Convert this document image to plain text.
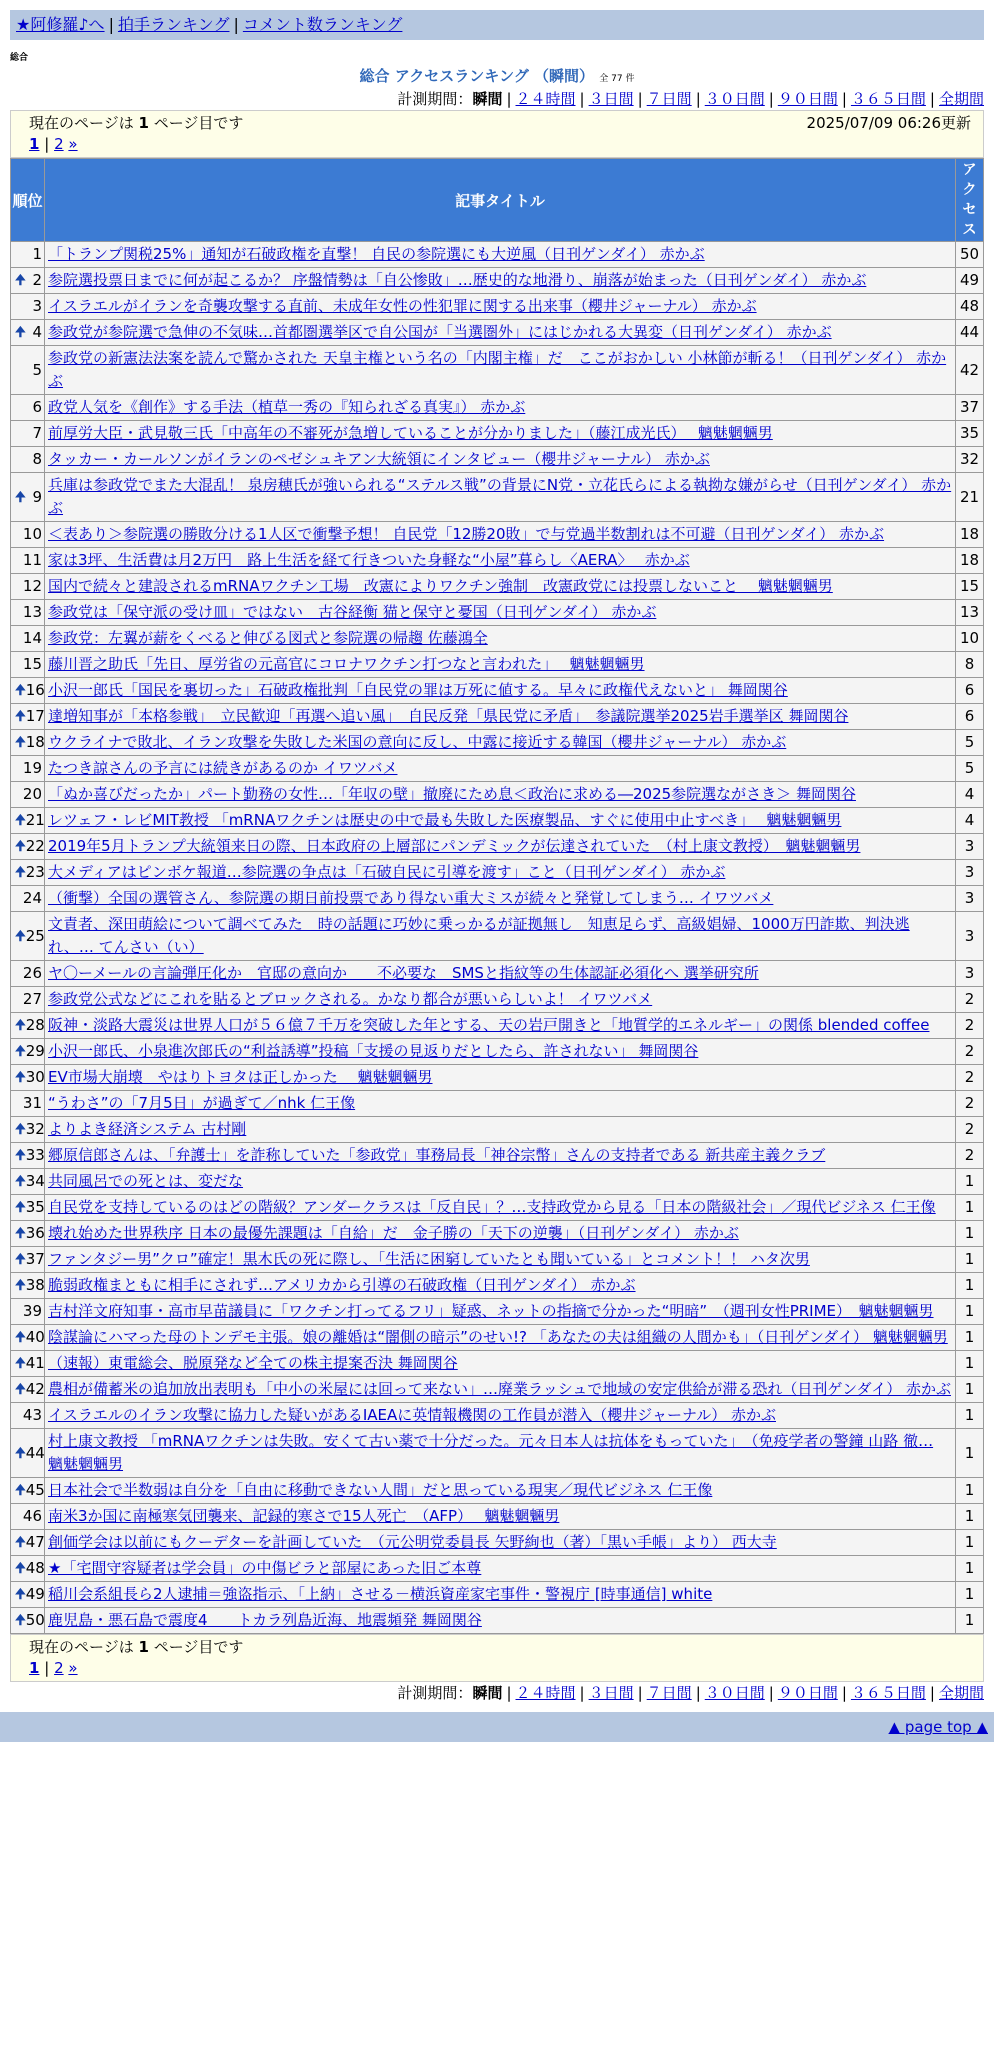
★阿修羅♪へ | 拍手ランキング | コメント数ランキング
総合
総合 アクセスランキング （瞬間） 全 77 件
計測期間：瞬間 | ２４時間 | ３日間 | ７日間 | ３０日間 | ９０日間 | ３６５日間 | 全期間
現在のページは 1 ページ目です	2025/07/09 06:26更新
1 | 2 »
順位	記事タイトル	アクセス
1	「トランプ関税25%」通知が石破政権を直撃！ 自民の参院選にも大逆風（日刊ゲンダイ） 赤かぶ	50

🠉 2	参院選投票日までに何が起こるか？ 序盤情勢は「自公惨敗」…歴史的な地滑り、崩落が始まった（日刊ゲンダイ） 赤かぶ	49
3	イスラエルがイランを奇襲攻撃する直前、未成年女性の性犯罪に関する出来事（櫻井ジャーナル） 赤かぶ	48

🠉 4	参政党が参院選で急伸の不気味…首都圏選挙区で自公国が「当選圏外」にはじかれる大異変（日刊ゲンダイ） 赤かぶ	44
5	参政党の新憲法法案を読んで驚かされた 天皇主権という名の「内閣主権」だ　ここがおかしい 小林節が斬る！（日刊ゲンダイ） 赤かぶ	42
6	政党人気を《創作》する手法（植草一秀の『知られざる真実』） 赤かぶ	37
7	前厚労大臣・武見敬三氏「中高年の不審死が急増していることが分かりました」（藤江成光氏）　 魑魅魍魎男	35
8	タッカー・カールソンがイランのペゼシュキアン大統領にインタビュー（櫻井ジャーナル） 赤かぶ	32

🠉 9	兵庫は参政党でまた大混乱！ 泉房穂氏が強いられる“ステルス戦”の背景にN党・立花氏らによる執拗な嫌がらせ（日刊ゲンダイ） 赤かぶ	21
10	＜表あり＞参院選の勝敗分ける1人区で衝撃予想！ 自民党「12勝20敗」で与党過半数割れは不可避（日刊ゲンダイ） 赤かぶ	18
11	家は3坪、生活費は月2万円　路上生活を経て行きついた身軽な“小屋”暮らし〈AERA〉　 赤かぶ	18
12	国内で続々と建設されるmRNAワクチン工場　改憲によりワクチン強制　改憲政党には投票しないこと　 魑魅魍魎男	15
13	参政党は「保守派の受け皿」ではない　古谷経衡 猫と保守と憂国（日刊ゲンダイ） 赤かぶ	13
14	参政党：左翼が薪をくべると伸びる図式と参院選の帰趨 佐藤鴻全	10
15	藤川晋之助氏「先日、厚労省の元高官にコロナワクチン打つなと言われた」　 魑魅魍魎男	8

🠉 16	小沢一郎氏「国民を裏切った」石破政権批判「自民党の罪は万死に値する。早々に政権代えないと」 舞岡関谷	6

🠉 17	達増知事が「本格参戦」　立民歓迎「再選へ追い風」　自民反発「県民党に矛盾」　参議院選挙2025岩手選挙区 舞岡関谷	6

🠉 18	ウクライナで敗北、イラン攻撃を失敗した米国の意向に反し、中露に接近する韓国（櫻井ジャーナル） 赤かぶ	5
19	たつき諒さんの予言には続きがあるのか イワツバメ	5
20	「ぬか喜びだったか」パート勤務の女性…「年収の壁」撤廃にため息＜政治に求める―2025参院選ながさき＞ 舞岡関谷	4

🠉 21	レツェフ・レビMIT教授 「mRNAワクチンは歴史の中で最も失敗した医療製品、すぐに使用中止すべき」　 魑魅魍魎男	4

🠉 22	2019年5月トランプ大統領来日の際、日本政府の上層部にパンデミックが伝達されていた　（村上康文教授）　魑魅魍魎男	3

🠉 23	大メディアはピンボケ報道…参院選の争点は「石破自民に引導を渡す」こと（日刊ゲンダイ） 赤かぶ	3
24	（衝撃）全国の選管さん、参院選の期日前投票であり得ない重大ミスが続々と発覚してしまう… イワツバメ	3

🠉 25	文責者、深田萌絵について調べてみた　時の話題に巧妙に乗っかるが証拠無し　知恵足らず、高級娼婦、1000万円詐欺、判決逃れ、… てんさい（い）	3
26	ヤ〇ーメールの言論弾圧化か　官邸の意向か　　不必要な　SMSと指紋等の生体認証必須化へ 選挙研究所	3
27	参政党公式などにこれを貼るとブロックされる。かなり都合が悪いらしいよ！ イワツバメ	2

🠉 28	阪神・淡路大震災は世界人口が５６億７千万を突破した年とする、天の岩戸開きと「地質学的エネルギー」の関係 blended coffee	2

🠉 29	小沢一郎氏、小泉進次郎氏の“利益誘導”投稿「支援の見返りだとしたら、許されない」 舞岡関谷	2

🠉 30	EV市場大崩壊　やはりトヨタは正しかった　 魑魅魍魎男	2
31	“うわさ”の「7月5日」が過ぎて／nhk 仁王像	2

🠉 32	よりよき経済システム 古村剛	2

🠉 33	郷原信郎さんは、「弁護士」を詐称していた「参政党」事務局長「神谷宗幣」さんの支持者である 新共産主義クラブ	2

🠉 34	共同風呂での死とは、変だな	1

🠉 35	自民党を支持しているのはどの階級？アンダークラスは「反自民」？…支持政党から見る「日本の階級社会」／現代ビジネス 仁王像	1

🠉 36	壊れ始めた世界秩序 日本の最優先課題は「自給」だ　金子勝の「天下の逆襲」（日刊ゲンダイ） 赤かぶ	1

🠉 37	ファンタジー男”クロ”確定！黒木氏の死に際し、「生活に困窮していたとも聞いている」とコメント！！ ハタ次男	1

🠉 38	脆弱政権まともに相手にされず…アメリカから引導の石破政権（日刊ゲンダイ） 赤かぶ	1
39	吉村洋文府知事・高市早苗議員に「ワクチン打ってるフリ」疑惑、ネットの指摘で分かった“明暗”　（週刊女性PRIME）　魑魅魍魎男	1

🠉 40	陰謀論にハマった母のトンデモ主張。娘の離婚は“闇側の暗示”のせい!? 「あなたの夫は組織の人間かも」（日刊ゲンダイ） 魑魅魍魎男	1

🠉 41	（速報）東電総会、脱原発など全ての株主提案否決 舞岡関谷	1

🠉 42	農相が備蓄米の追加放出表明も「中小の米屋には回って来ない」…廃業ラッシュで地域の安定供給が滞る恐れ（日刊ゲンダイ） 赤かぶ	1
43	イスラエルのイラン攻撃に協力した疑いがあるIAEAに英情報機関の工作員が潜入（櫻井ジャーナル） 赤かぶ	1

🠉 44	村上康文教授 「mRNAワクチンは失敗。安くて古い薬で十分だった。元々日本人は抗体をもっていた」　（免疫学者の警鐘 山路 徹… 魑魅魍魎男	1

🠉 45	日本社会で半数弱は自分を「自由に移動できない人間」だと思っている現実／現代ビジネス 仁王像	1
46	南米3か国に南極寒気団襲来、記録的寒さで15人死亡　（AFP）　 魑魅魍魎男	1

🠉 47	創価学会は以前にもクーデターを計画していた　（元公明党委員長 矢野絢也（著）「黒い手帳」より） 西大寺	1

🠉 48	★「宅間守容疑者は学会員」の中傷ビラと部屋にあった旧ご本尊	1

🠉 49	稲川会系組長ら2人逮捕＝強盗指示、「上納」させる－横浜資産家宅事件・警視庁 [時事通信] white	1

🠉 50	鹿児島・悪石島で震度4　　トカラ列島近海、地震頻発 舞岡関谷	1
現在のページは 1 ページ目です
1 | 2 »
計測期間：瞬間 | ２４時間 | ３日間 | ７日間 | ３０日間 | ９０日間 | ３６５日間 | 全期間
▲ page top ▲
